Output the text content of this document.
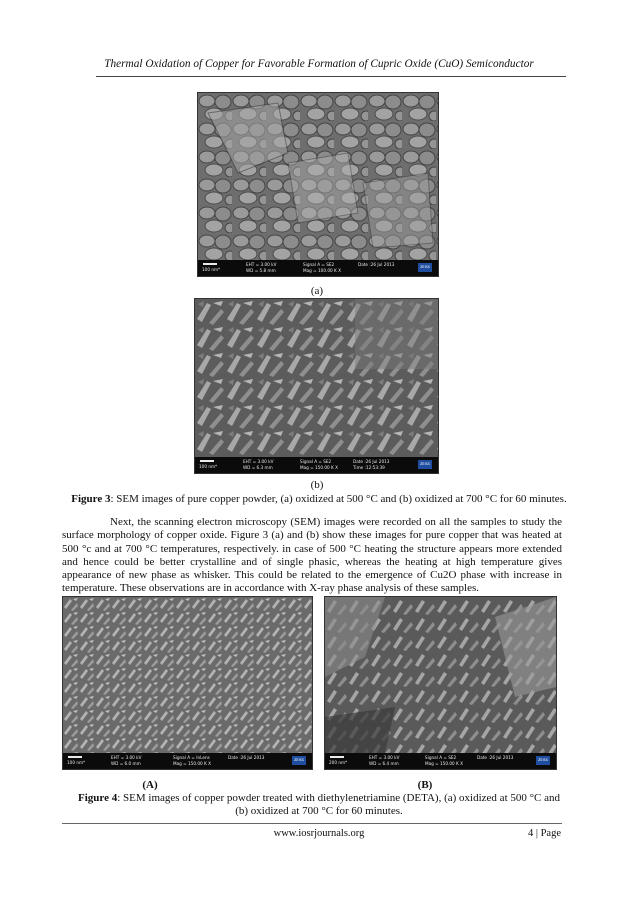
Thermal Oxidation of Copper for Favorable Formation of Cupric Oxide (CuO) Semiconductor
100 nm*
EHT = 3.00 kV
WD = 5.8 mm
Signal A = SE2
Mag = 100.00 K X
Date :26 Jul 2013	ZEISS
(a)
100 nm*
EHT = 3.00 kV
WD = 6.3 mm
Signal A = SE2
Mag = 150.00 K X
Date :26 Jul 2013
Time :12:53:39
ZEISS
(b)
Figure 3: SEM images of pure copper powder, (a) oxidized at 500 °C and (b) oxidized at 700 °C for 60 minutes.
Next, the scanning electron microscopy (SEM) images were recorded on all the samples to study the surface morphology of copper oxide. Figure 3 (a) and (b) show these images for pure copper that was heated at 500 °c and at 700 °C temperatures, respectively. in case of 500 °C heating the structure appears more extended and hence could be better crystalline and of single phasic, whereas the heating at high temperature gives appearance of new phase as whisker. This could be related to the emergence of Cu2O phase with increase in temperature. These observations are in accordance with X-ray phase analysis of these samples.
100 nm*
EHT = 3.00 kV
WD = 6.0 mm
Signal A = InLens
Mag = 150.00 K X
Date :26 Jul 2013	ZEISS
(A)
200 nm*
EHT = 3.00 kV
WD = 6.4 mm
Signal A = SE2
Mag = 150.00 K X
Date :26 Jul 2013	ZEISS
(B)
Figure 4: SEM images of copper powder treated with diethylenetriamine (DETA), (a) oxidized at 500 °C and
(b) oxidized at 700 °C for 60 minutes.
www.iosrjournals.org	4 | Page
